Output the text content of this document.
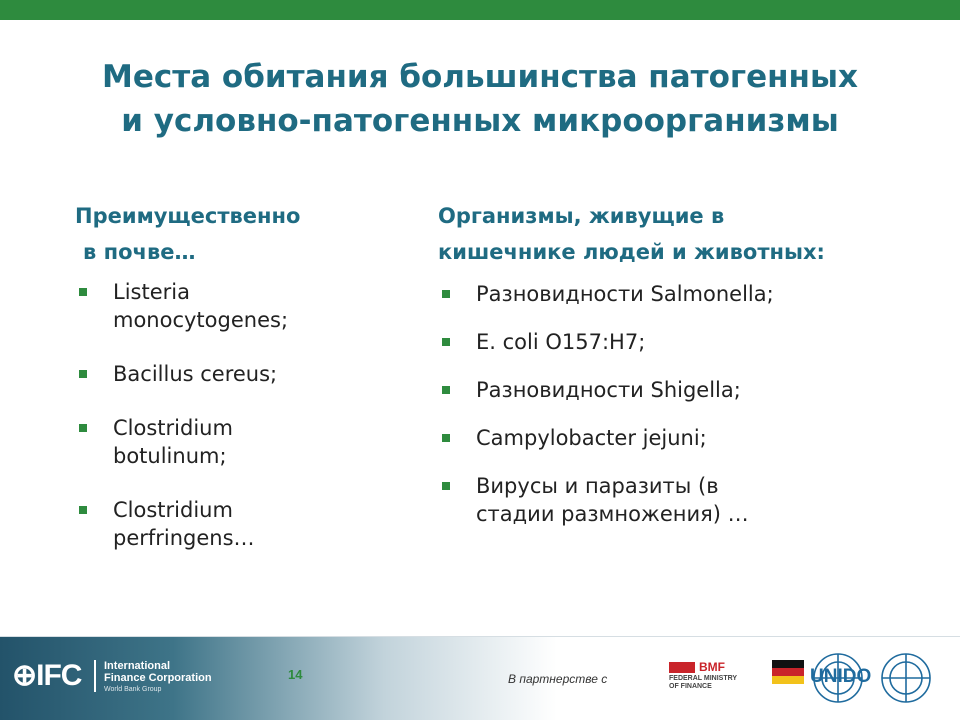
Места обитания большинства патогенных
и условно-патогенных микроорганизмы
Преимущественно
в почве…
Listeria
monocytogenes;
Bacillus cereus;
Clostridium
botulinum;
Clostridium
perfringens…
Организмы, живущие в
кишечнике людей и животных:
Разновидности Salmonella;
E. coli O157:H7;
Разновидности Shigella;
Campylobacter jejuni;
Вирусы и паразиты (в
стадии размножения) …
⊕IFC International
Finance Corporation
World Bank Group
14	В партнерстве с
BMF
FEDERAL MINISTRY
OF FINANCE	UNIDO
